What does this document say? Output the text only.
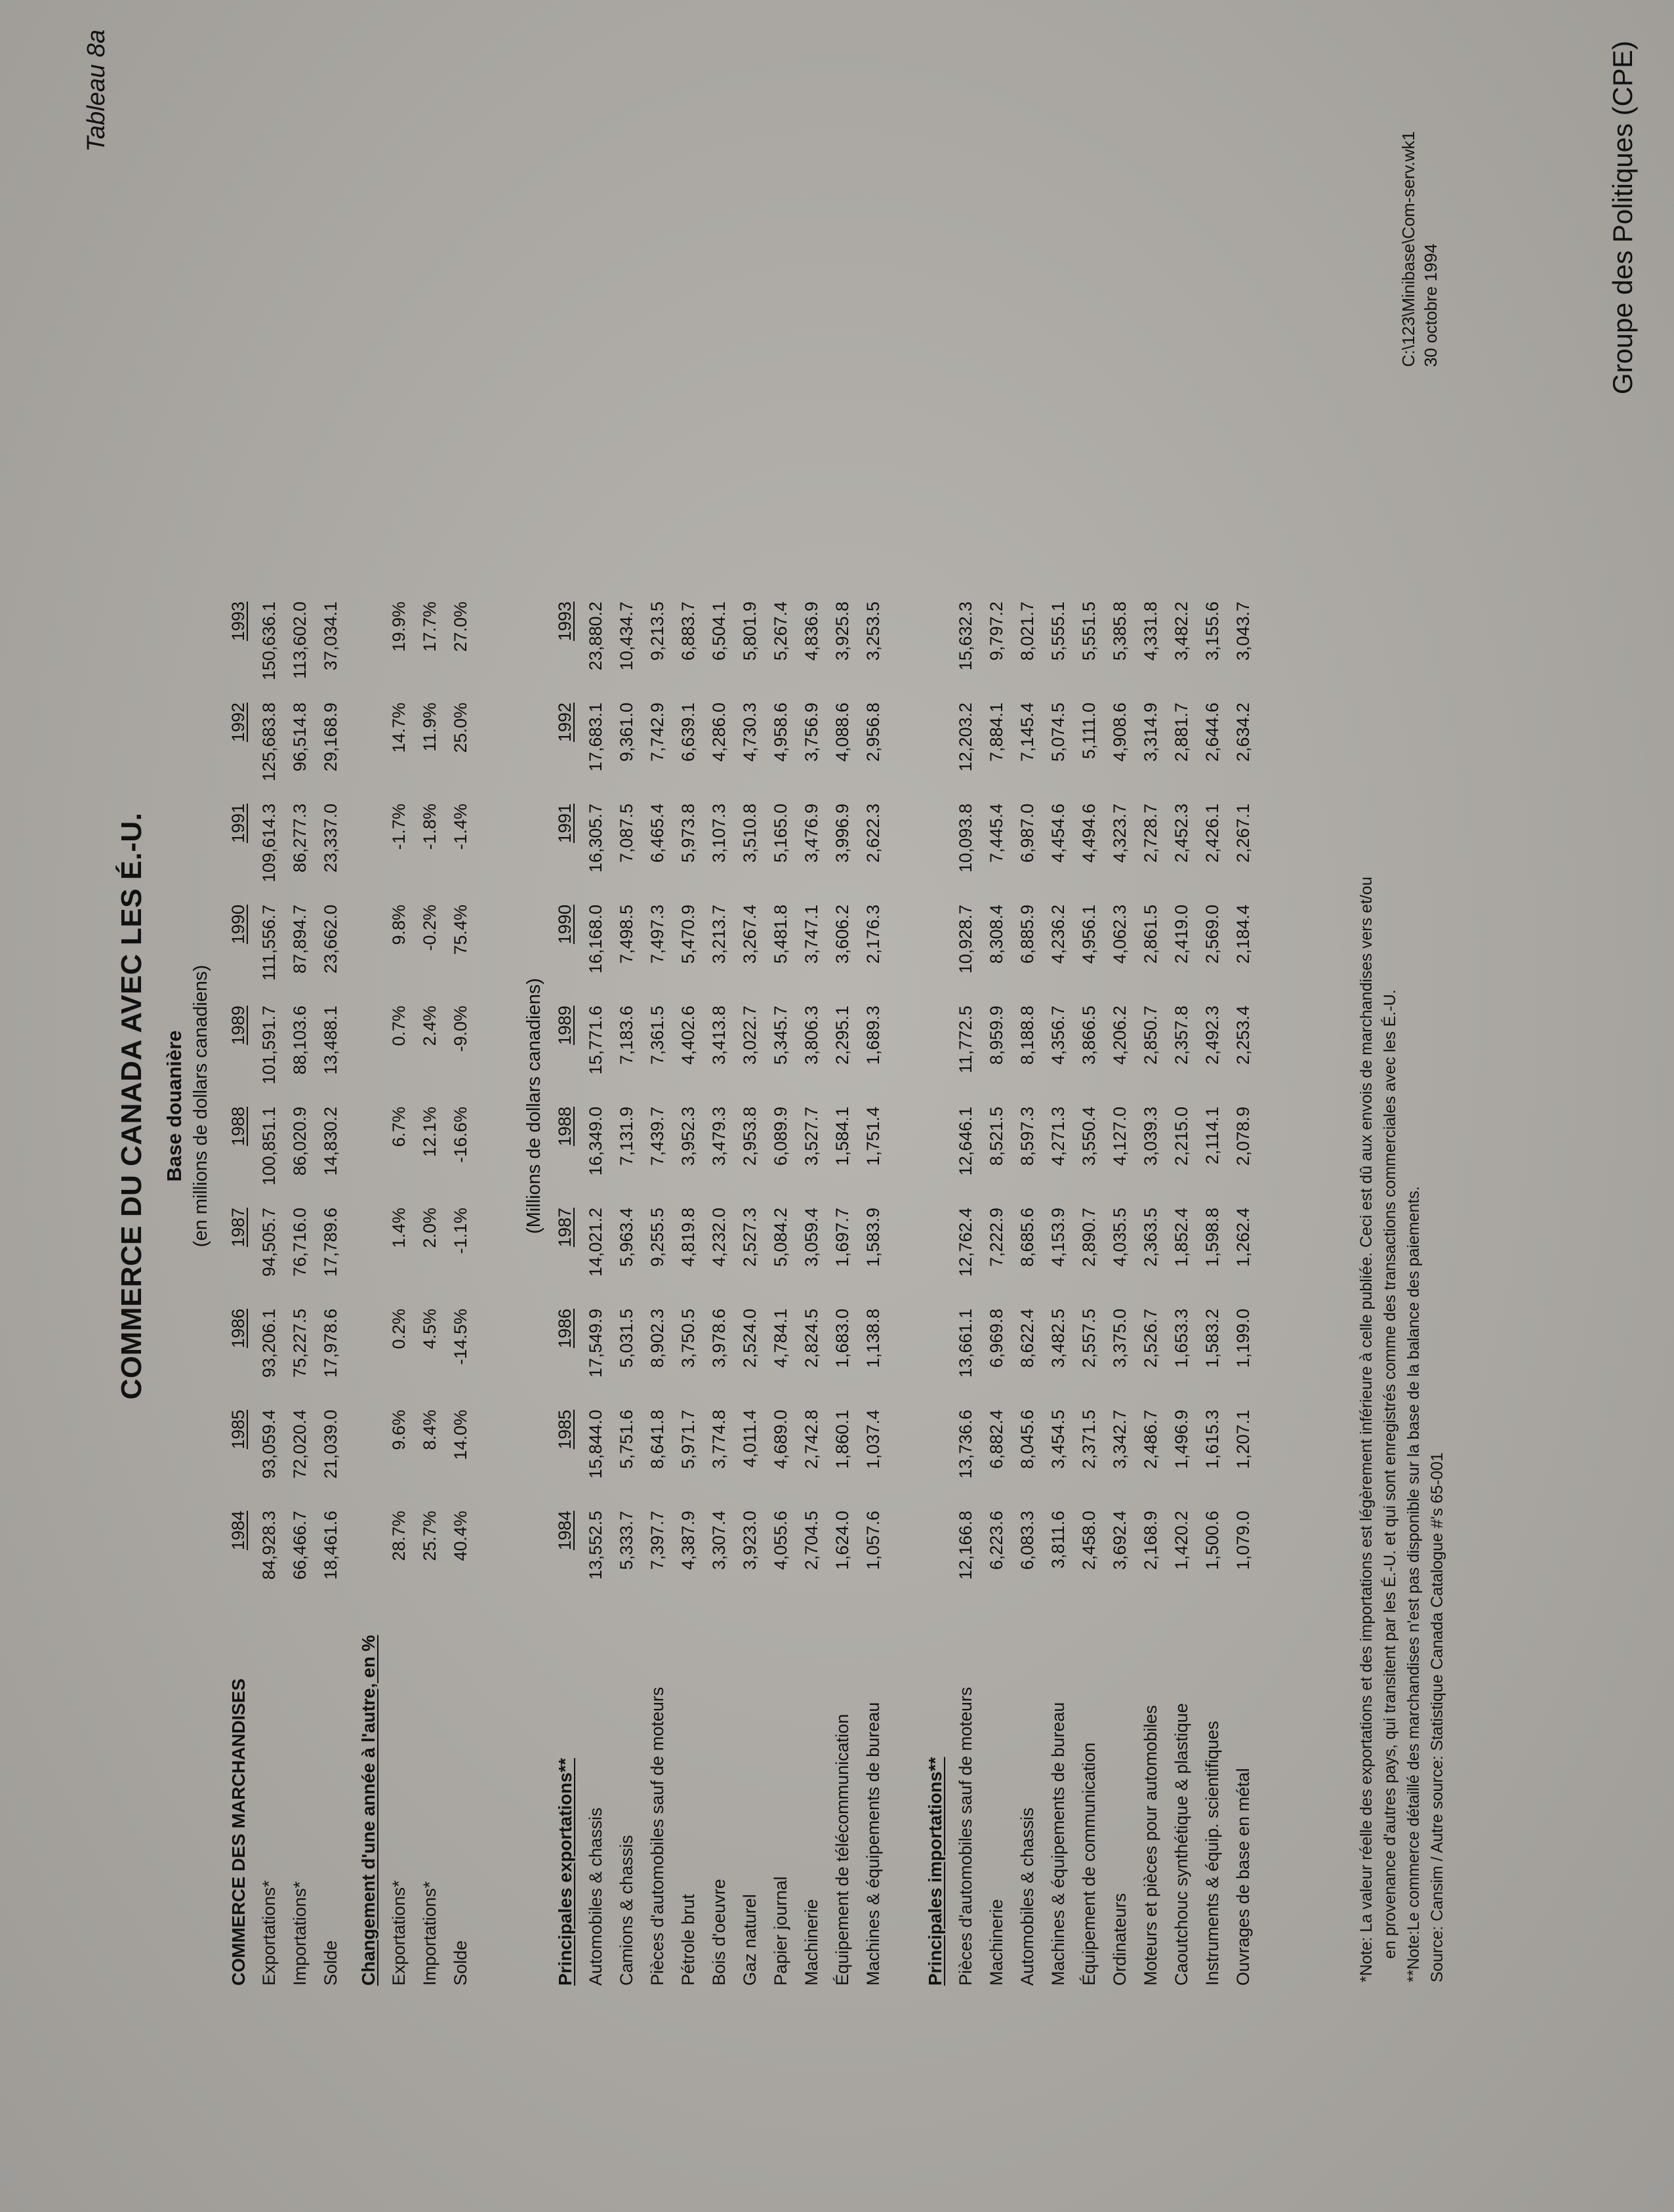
Tableau 8a
COMMERCE DU CANADA AVEC LES É.-U. Base douanière (en millions de dollars canadiens)
COMMERCE DES MARCHANDISES	1984	1985	1986	1987	1988	1989	1990	1991	1992	1993
Exportations*	84,928.3	93,059.4	93,206.1	94,505.7	100,851.1	101,591.7	111,556.7	109,614.3	125,683.8	150,636.1
Importations*	66,466.7	72,020.4	75,227.5	76,716.0	86,020.9	88,103.6	87,894.7	86,277.3	96,514.8	113,602.0
Solde	18,461.6	21,039.0	17,978.6	17,789.6	14,830.2	13,488.1	23,662.0	23,337.0	29,168.9	37,034.1
Changement d'une année à l'autre, en %										
Exportations*	28.7%	9.6%	0.2%	1.4%	6.7%	0.7%	9.8%	-1.7%	14.7%	19.9%
Importations*	25.7%	8.4%	4.5%	2.0%	12.1%	2.4%	-0.2%	-1.8%	11.9%	17.7%
Solde	40.4%	14.0%	-14.5%	-1.1%	-16.6%	-9.0%	75.4%	-1.4%	25.0%	27.0%
(Millions de dollars canadiens)
Principales exportations**	1984	1985	1986	1987	1988	1989	1990	1991	1992	1993
Automobiles & chassis	13,552.5	15,844.0	17,549.9	14,021.2	16,349.0	15,771.6	16,168.0	16,305.7	17,683.1	23,880.2
Camions & chassis	5,333.7	5,751.6	5,031.5	5,963.4	7,131.9	7,183.6	7,498.5	7,087.5	9,361.0	10,434.7
Pièces d'automobiles sauf de moteurs	7,397.7	8,641.8	8,902.3	9,255.5	7,439.7	7,361.5	7,497.3	6,465.4	7,742.9	9,213.5
Pétrole brut	4,387.9	5,971.7	3,750.5	4,819.8	3,952.3	4,402.6	5,470.9	5,973.8	6,639.1	6,883.7
Bois d'oeuvre	3,307.4	3,774.8	3,978.6	4,232.0	3,479.3	3,413.8	3,213.7	3,107.3	4,286.0	6,504.1
Gaz naturel	3,923.0	4,011.4	2,524.0	2,527.3	2,953.8	3,022.7	3,267.4	3,510.8	4,730.3	5,801.9
Papier journal	4,055.6	4,689.0	4,784.1	5,084.2	6,089.9	5,345.7	5,481.8	5,165.0	4,958.6	5,267.4
Machinerie	2,704.5	2,742.8	2,824.5	3,059.4	3,527.7	3,806.3	3,747.1	3,476.9	3,756.9	4,836.9
Équipement de télécommunication	1,624.0	1,860.1	1,683.0	1,697.7	1,584.1	2,295.1	3,606.2	3,996.9	4,088.6	3,925.8
Machines & équipements de bureau	1,057.6	1,037.4	1,138.8	1,583.9	1,751.4	1,689.3	2,176.3	2,622.3	2,956.8	3,253.5

Principales importations**										
Pièces d'automobiles sauf de moteurs	12,166.8	13,736.6	13,661.1	12,762.4	12,646.1	11,772.5	10,928.7	10,093.8	12,203.2	15,632.3
Machinerie	6,223.6	6,882.4	6,969.8	7,222.9	8,521.5	8,959.9	8,308.4	7,445.4	7,884.1	9,797.2
Automobiles & chassis	6,083.3	8,045.6	8,622.4	8,685.6	8,597.3	8,188.8	6,885.9	6,987.0	7,145.4	8,021.7
Machines & équipements de bureau	3,811.6	3,454.5	3,482.5	4,153.9	4,271.3	4,356.7	4,236.2	4,454.6	5,074.5	5,555.1
Équipement de communication	2,458.0	2,371.5	2,557.5	2,890.7	3,550.4	3,866.5	4,956.1	4,494.6	5,111.0	5,551.5
Ordinateurs	3,692.4	3,342.7	3,375.0	4,035.5	4,127.0	4,206.2	4,062.3	4,323.7	4,908.6	5,385.8
Moteurs et pièces pour automobiles	2,168.9	2,486.7	2,526.7	2,363.5	3,039.3	2,850.7	2,861.5	2,728.7	3,314.9	4,331.8
Caoutchouc synthétique & plastique	1,420.2	1,496.9	1,653.3	1,852.4	2,215.0	2,357.8	2,419.0	2,452.3	2,881.7	3,482.2
Instruments & équip. scientifiques	1,500.6	1,615.3	1,583.2	1,598.8	2,114.1	2,492.3	2,569.0	2,426.1	2,644.6	3,155.6
Ouvrages de base en métal	1,079.0	1,207.1	1,199.0	1,262.4	2,078.9	2,253.4	2,184.4	2,267.1	2,634.2	3,043.7
*Note: La valeur réelle des exportations et des importations est légèrement inférieure à celle publiée. Ceci est dû aux envois de marchandises vers et/ou en provenance d'autres pays, qui transitent par les É.-U. et qui sont enregistrés comme des transactions commerciales avec les É.-U. **Note:Le commerce détaillé des marchandises n'est pas disponible sur la base de la balance des paiements. Source: Cansim / Autre source: Statistique Canada Catalogue #'s 65-001
C:\123\Minibase\Com-serv.wk1 30 octobre 1994	Groupe des Politiques (CPE)
